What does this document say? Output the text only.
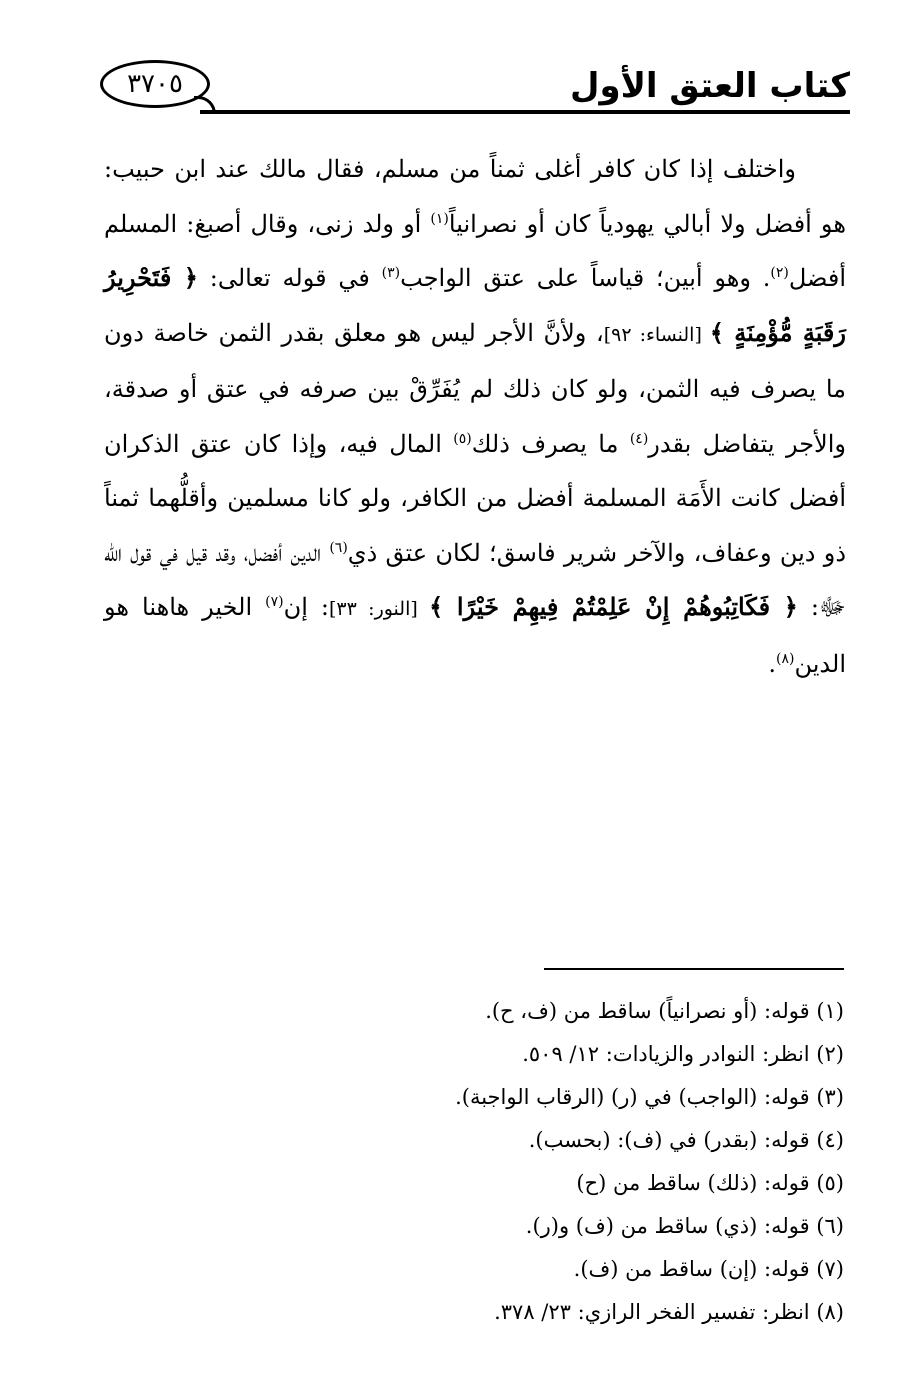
٣٧٠٥	كتاب العتق الأول

واختلف إذا كان كافر أغلى ثمناً من مسلم، فقال مالك عند ابن حبيب: هو أفضل ولا أبالي يهودياً كان أو نصرانياً$^{(١)}$ أو ولد زنى، وقال أصبغ: المسلم أفضل$^{(٢)}$. وهو أبين؛ قياساً على عتق الواجب$^{(٣)}$ في قوله تعالى: ﴿ فَتَحْرِيرُ رَقَبَةٍ مُّؤْمِنَةٍ ﴾ [النساء: ٩٢]، ولأنَّ الأجر ليس هو معلق بقدر الثمن خاصة دون ما يصرف فيه الثمن، ولو كان ذلك لم يُفَرِّقْ بين صرفه في عتق أو صدقة، والأجر يتفاضل بقدر$^{(٤)}$ ما يصرف ذلك$^{(٥)}$ المال فيه، وإذا كان عتق الذكران أفضل كانت الأَمَة المسلمة أفضل من الكافر، ولو كانا مسلمين وأقلُّهما ثمناً ذو دين وعفاف، والآخر شرير فاسق؛ لكان عتق ذي$^{(٦)}$ الدين أفضل، وقد قيل في قول الله ﷻ: ﴿ فَكَاتِبُوهُمْ إِنْ عَلِمْتُمْ فِيهِمْ خَيْرًا ﴾ [النور: ٣٣]: إن$^{(٧)}$ الخير هاهنا هو الدين$^{(٨)}$.

(١) قوله: (أو نصرانياً) ساقط من (ف، ح).
(٢) انظر: النوادر والزيادات: ١٢/ ٥٠٩.
(٣) قوله: (الواجب) في (ر) (الرقاب الواجبة).
(٤) قوله: (بقدر) في (ف): (بحسب).
(٥) قوله: (ذلك) ساقط من (ح)
(٦) قوله: (ذي) ساقط من (ف) و(ر).
(٧) قوله: (إن) ساقط من (ف).
(٨) انظر: تفسير الفخر الرازي: ٢٣/ ٣٧٨.
